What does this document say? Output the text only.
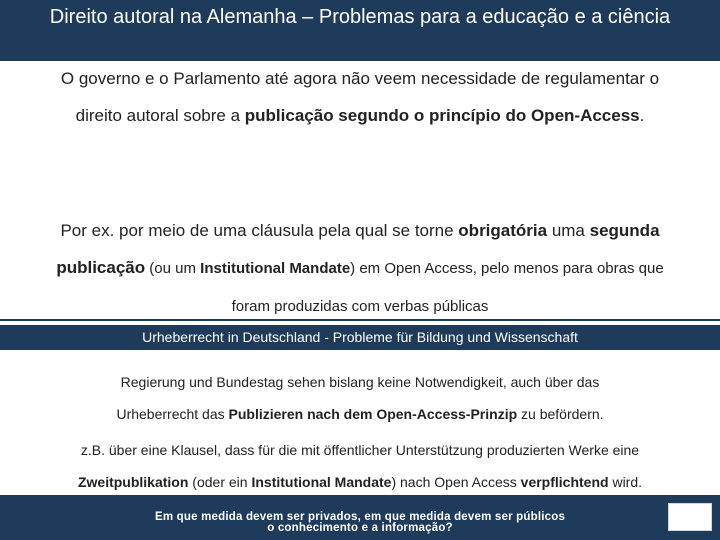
Direito autoral na Alemanha – Problemas para a educação e a ciência
O governo e o Parlamento até agora não veem necessidade de regulamentar o direito autoral sobre a publicação segundo o princípio do Open-Access.
Por ex. por meio de uma cláusula pela qual se torne obrigatória uma segunda publicação (ou um Institutional Mandate) em Open Access, pelo menos para obras que foram produzidas com verbas públicas
Urheberrecht in Deutschland - Probleme für Bildung und Wissenschaft
Regierung und Bundestag sehen bislang keine Notwendigkeit, auch über das Urheberrecht das Publizieren nach dem Open-Access-Prinzip zu befördern.
z.B. über eine Klausel, dass für die mit öffentlicher Unterstützung produzierten Werke eine Zweitpublikation (oder ein Institutional Mandate) nach Open Access verpflichtend wird.
Em que medida devem ser privados, em que medida devem ser públicos o conhecimento e a informação?
